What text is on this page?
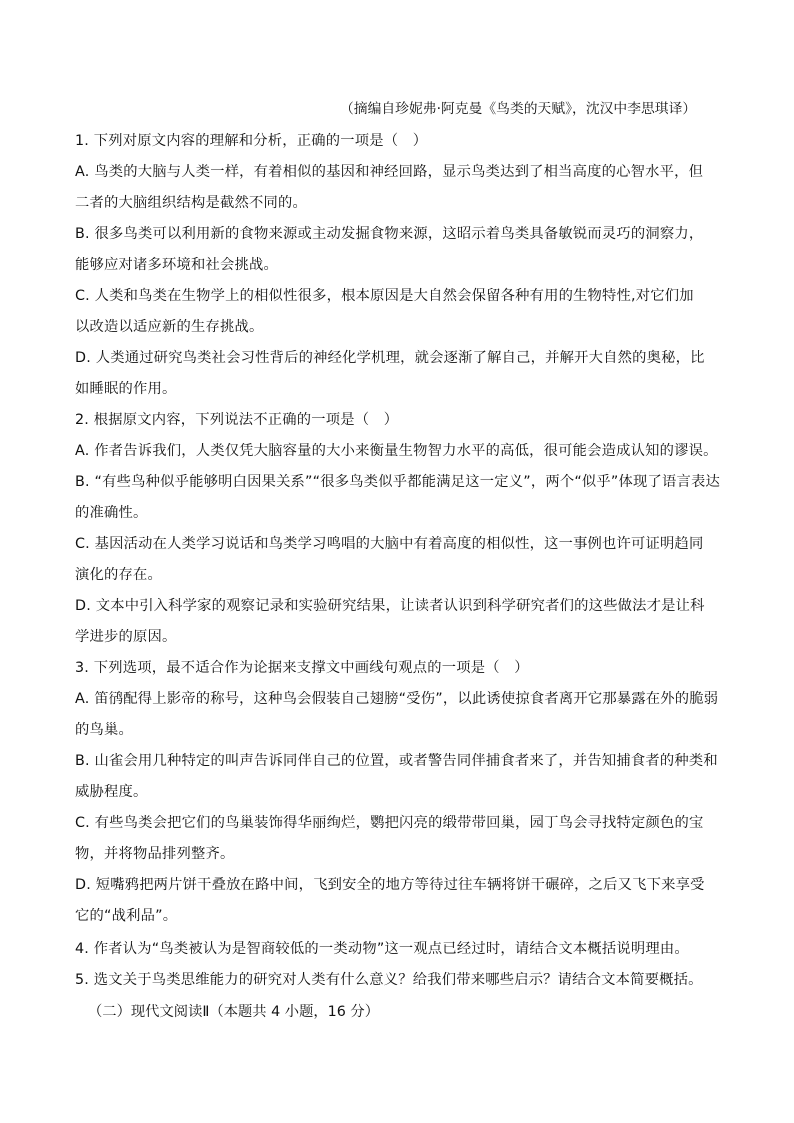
（摘编自珍妮弗·阿克曼《鸟类的天赋》，沈汉中李思琪译）
1. 下列对原文内容的理解和分析，正确的一项是（　）
A. 鸟类的大脑与人类一样，有着相似的基因和神经回路，显示鸟类达到了相当高度的心智水平，但
二者的大脑组织结构是截然不同的。
B. 很多鸟类可以利用新的食物来源或主动发掘食物来源，这昭示着鸟类具备敏锐而灵巧的洞察力，
能够应对诸多环境和社会挑战。
C. 人类和鸟类在生物学上的相似性很多，根本原因是大自然会保留各种有用的生物特性,对它们加
以改造以适应新的生存挑战。
D. 人类通过研究鸟类社会习性背后的神经化学机理，就会逐渐了解自己，并解开大自然的奥秘，比
如睡眠的作用。
2. 根据原文内容，下列说法不正确的一项是（　）
A. 作者告诉我们，人类仅凭大脑容量的大小来衡量生物智力水平的高低，很可能会造成认知的谬误。
B. “有些鸟种似乎能够明白因果关系”“很多鸟类似乎都能满足这一定义”，两个“似乎”体现了语言表达
的准确性。
C. 基因活动在人类学习说话和鸟类学习鸣唱的大脑中有着高度的相似性，这一事例也许可证明趋同
演化的存在。
D. 文本中引入科学家的观察记录和实验研究结果，让读者认识到科学研究者们的这些做法才是让科
学进步的原因。
3. 下列选项，最不适合作为论据来支撑文中画线句观点的一项是（　）
A. 笛鸻配得上影帝的称号，这种鸟会假装自己翅膀“受伤”，以此诱使掠食者离开它那暴露在外的脆弱
的鸟巢。
B. 山雀会用几种特定的叫声告诉同伴自己的位置，或者警告同伴捕食者来了，并告知捕食者的种类和
威胁程度。
C. 有些鸟类会把它们的鸟巢装饰得华丽绚烂，鹦把闪亮的缎带带回巢，园丁鸟会寻找特定颜色的宝
物，并将物品排列整齐。
D. 短嘴鸦把两片饼干叠放在路中间，飞到安全的地方等待过往车辆将饼干碾碎，之后又飞下来享受
它的“战利品”。
4. 作者认为“鸟类被认为是智商较低的一类动物”这一观点已经过时，请结合文本概括说明理由。
5. 选文关于鸟类思维能力的研究对人类有什么意义？给我们带来哪些启示？请结合文本简要概括。
（二）现代文阅读Ⅱ（本题共 4 小题，16 分）
